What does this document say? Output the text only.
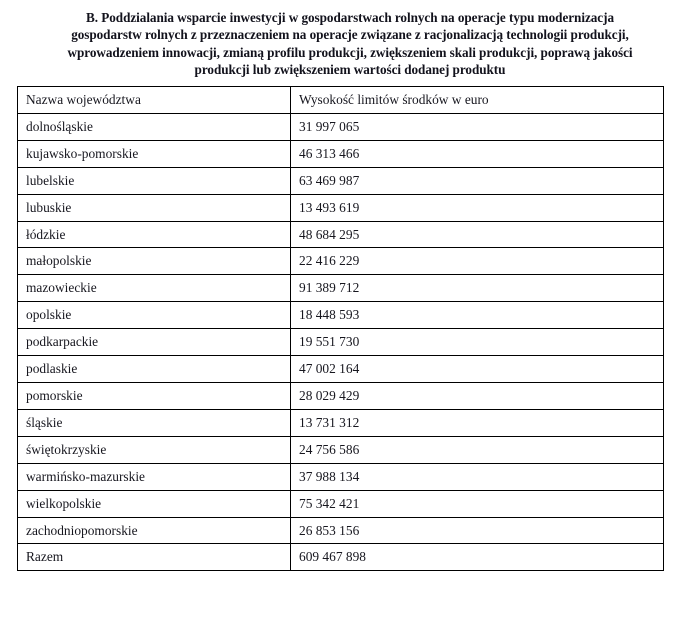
B. Poddzialania wsparcie inwestycji w gospodarstwach rolnych na operacje typu modernizacja
gospodarstw rolnych z przeznaczeniem na operacje związane z racjonalizacją technologii produkcji,
wprowadzeniem innowacji, zmianą profilu produkcji, zwiększeniem skali produkcji, poprawą jakości
produkcji lub zwiększeniem wartości dodanej produktu
Nazwa województwa	Wysokość limitów środków w euro
dolnośląskie	31 997 065
kujawsko-pomorskie	46 313 466
lubelskie	63 469 987
lubuskie	13 493 619
łódzkie	48 684 295
małopolskie	22 416 229
mazowieckie	91 389 712
opolskie	18 448 593
podkarpackie	19 551 730
podlaskie	47 002 164
pomorskie	28 029 429
śląskie	13 731 312
świętokrzyskie	24 756 586
warmińsko-mazurskie	37 988 134
wielkopolskie	75 342 421
zachodniopomorskie	26 853 156
Razem	609 467 898
